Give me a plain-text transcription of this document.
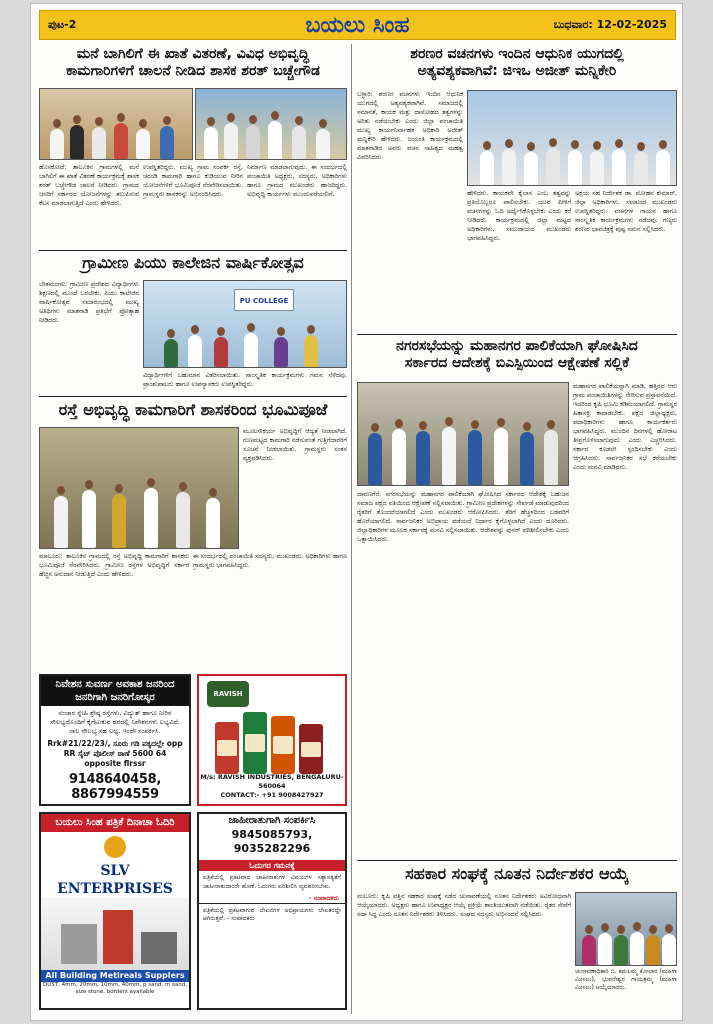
ಪುಟ-2	ಬಯಲು ಸಿಂಹ	ಬುಧವಾರ: 12-02-2025
ಮನೆ ಬಾಗಿಲಿಗೆ ಈ ಖಾತೆ ವಿತರಣೆ, ವಿವಿಧ ಅಭಿವೃದ್ಧಿ
ಕಾಮಗಾರಿಗಳಿಗೆ ಚಾಲನೆ ನೀಡಿದ ಶಾಸಕ ಶರತ್ ಬಚ್ಚೇಗೌಡ
ಹೊಸಕೋಟೆ: ತಾಲೂಕಿನ ಗ್ರಾಮಗಳಲ್ಲಿ ಮನೆ ಬಾಗಿಲಿಗೆ ಈ ಖಾತೆ ವಿತರಣೆ ಕಾರ್ಯಕ್ರಮಕ್ಕೆ ಶಾಸಕ ಶರತ್ ಬಚ್ಚೇಗೌಡ ಚಾಲನೆ ನೀಡಿದರು. ಗ್ರಾಮದ ಜನರಿಗೆ ಸರ್ಕಾರದ ಯೋಜನೆಗಳನ್ನು ತಲುಪಿಸುವ ಕೆಲಸ ಮಾಡಲಾಗುತ್ತಿದೆ ಎಂದು ಹೇಳಿದರು.
ಉಪಸ್ಥಿತರಿದ್ದರು. ಮುಖ್ಯ ಗ್ರಾಮ ಸಂಪರ್ಕ ರಸ್ತೆ, ಚರಂಡಿ ಕಾಮಗಾರಿ ಹಾಗೂ ಕುಡಿಯುವ ನೀರಿನ ಯೋಜನೆಗಳಿಗೆ ಭೂಮಿಪೂಜೆ ನೆರವೇರಿಸಲಾಯಿತು. ಗ್ರಾಮಸ್ಥರು ಶಾಸಕರನ್ನು ಅಭಿನಂದಿಸಿದರು.
ನಿರ್ಮಾಣ ಮಾಡಲಾಗುವುದು. ಈ ಸಂದರ್ಭದಲ್ಲಿ ಪಂಚಾಯಿತಿ ಅಧ್ಯಕ್ಷರು, ಸದಸ್ಯರು, ಅಧಿಕಾರಿಗಳು ಹಾಗೂ ಗ್ರಾಮದ ಮುಖಂಡರು ಹಾಜರಿದ್ದರು. ಅಭಿವೃದ್ಧಿ ಕಾರ್ಯಗಳು ಮುಂದುವರೆಯಲಿವೆ.
ಗ್ರಾಮೀಣ ಪಿಯು ಕಾಲೇಜಿನ ವಾರ್ಷಿಕೋತ್ಸವ
ಬೇತಮಂಗಲ: ಗ್ರಾಮೀಣ ಪ್ರದೇಶದ ವಿದ್ಯಾರ್ಥಿಗಳು ಶಿಕ್ಷಣದಲ್ಲಿ ಮುಂದೆ ಬರಬೇಕು. ಪಿಯು ಕಾಲೇಜಿನ ವಾರ್ಷಿಕೋತ್ಸವ ಸಮಾರಂಭದಲ್ಲಿ ಮುಖ್ಯ ಅತಿಥಿಗಳು ಮಾತನಾಡಿ ಪ್ರತಿಭೆಗೆ ಪ್ರೋತ್ಸಾಹ ನೀಡಿದರು.
PU COLLEGE
ವಿದ್ಯಾರ್ಥಿಗಳಿಗೆ ಬಹುಮಾನ ವಿತರಿಸಲಾಯಿತು. ಸಾಂಸ್ಕೃತಿಕ ಕಾರ್ಯಕ್ರಮಗಳು ಗಮನ ಸೆಳೆದವು. ಪ್ರಾಂಶುಪಾಲರು ಹಾಗೂ ಉಪನ್ಯಾಸಕರು ಉಪಸ್ಥಿತರಿದ್ದರು.
ರಸ್ತೆ ಅಭಿವೃದ್ಧಿ ಕಾಮಗಾರಿಗೆ ಶಾಸಕರಿಂದ ಭೂಮಿಪೂಜೆ
ಮೂಲಸೌಕರ್ಯ ಅಭಿವೃದ್ಧಿಗೆ ಆದ್ಯತೆ ನೀಡಲಾಗಿದೆ. ಗುಣಮಟ್ಟದ ಕಾಮಗಾರಿ ನಡೆಸುವಂತೆ ಗುತ್ತಿಗೆದಾರರಿಗೆ ಸೂಚನೆ ನೀಡಲಾಯಿತು. ಗ್ರಾಮಸ್ಥರು ಸಂತಸ ವ್ಯಕ್ತಪಡಿಸಿದರು.
ಮಾಲೂರು: ತಾಲೂಕಿನ ಗ್ರಾಮದಲ್ಲಿ ರಸ್ತೆ ಅಭಿವೃದ್ಧಿ ಕಾಮಗಾರಿಗೆ ಶಾಸಕರು ಭೂಮಿಪೂಜೆ ನೆರವೇರಿಸಿದರು. ಗ್ರಾಮೀಣ ರಸ್ತೆಗಳ ಅಭಿವೃದ್ಧಿಗೆ ಸರ್ಕಾರ ಹೆಚ್ಚಿನ ಅನುದಾನ ನೀಡುತ್ತಿದೆ ಎಂದು ಹೇಳಿದರು.
ಈ ಸಂದರ್ಭದಲ್ಲಿ ಪಂಚಾಯಿತಿ ಸದಸ್ಯರು, ಮುಖಂಡರು, ಅಧಿಕಾರಿಗಳು ಹಾಗೂ ಗ್ರಾಮಸ್ಥರು ಭಾಗವಹಿಸಿದ್ದರು.
ನಿವೇಶನ ಸುವರ್ಣ ಅವಕಾಶ ಜನರಿಂದ ಜನರಿಗಾಗಿ ಜನರಿಗೋಸ್ಕರ
ಸಂಚಾರ ಸ್ನೇಹಿ ಶ್ರೇಷ್ಠ ರಸ್ತೆಗಳು, ವಿದ್ಯುತ್ ಹಾಗೂ ನೀರಿನ ಸೌಲಭ್ಯದೊಂದಿಗೆ ಕೈಗೆಟುಕುವ ದರದಲ್ಲಿ ನಿವೇಶನಗಳು ಲಭ್ಯವಿದೆ. ಸಾಲ ಸೌಲಭ್ಯ ಸಹ ಲಭ್ಯ. ಇಂದೇ ಸಂಪರ್ಕಿಸಿ.
Rrk#21/22/23/, ಸೂರು ಗಡಿ ಪಕ್ಕದಲ್ಲೇ opp RR ಸೈಟ್ ಪೊಲೀಸ್ ಠಾಣೆ 5600 64 opposite flrssr
9148640458, 8867994559
RAVISH
M/s: RAVISH INDUSTRIES, BENGALURU-560064
CONTACT:- +91 9008427927
ಬಯಲು ಸಿಂಹ ಪತ್ರಿಕೆ ದಿನಾಚಾ ಓದಿರಿ
SLV ENTERPRISES
All Building Metireals Supplers
DUST, 4mm, 20mm, 10mm, 40mm, p sand, m sand, size stone, borders available
ಜಾಹೀರಾತುಗಾಗಿ ಸಂಪರ್ಕಿಸಿ
9845085793, 9035282296
ಓದುಗರ ಗಮನಕ್ಕೆ
ಪತ್ರಿಕೆಯಲ್ಲಿ ಪ್ರಕಟವಾದ ಜಾಹೀರಾತುಗಳ ವಿಷಯಗಳ ಸತ್ಯಾಸತ್ಯತೆಗೆ ಜಾಹೀರಾತುದಾರರೇ ಹೊಣೆ. ಓದುಗರು ಪರಿಶೀಲಿಸಿ ವ್ಯವಹರಿಸಬೇಕು.
- ಸಂಪಾದಕರು
ಪತ್ರಿಕೆಯಲ್ಲಿ ಪ್ರಕಟವಾಗುವ ಲೇಖನಗಳ ಅಭಿಪ್ರಾಯಗಳು ಲೇಖಕರದ್ದೇ ಆಗಿರುತ್ತವೆ. - ಸಂಪಾದಕರು
ಶರಣರ ವಚನಗಳು ಇಂದಿನ ಆಧುನಿಕ ಯುಗದಲ್ಲಿ
ಅತ್ಯವಶ್ಯಕವಾಗಿವೆ: ಜಿಇಒ ಅಜೀತ್ ಮನ್ನಿಕೇರಿ
ಬಳ್ಳಾರಿ: ಶರಣರ ವಚನಗಳು ಇಂದಿನ ಆಧುನಿಕ ಯುಗದಲ್ಲಿ ಅತ್ಯವಶ್ಯಕವಾಗಿವೆ. ಸಮಾಜದಲ್ಲಿ ಸಮಾನತೆ, ಕಾಯಕ ಮತ್ತು ದಾಸೋಹದ ತತ್ವಗಳನ್ನು ಅರಿತು ನಡೆಯಬೇಕು ಎಂದು ಜಿಲ್ಲಾ ಪಂಚಾಯಿತಿ ಮುಖ್ಯ ಕಾರ್ಯನಿರ್ವಾಹಕ ಅಧಿಕಾರಿ ಅಜೀತ್ ಮನ್ನಿಕೇರಿ ಹೇಳಿದರು. ಜಯಂತಿ ಕಾರ್ಯಕ್ರಮದಲ್ಲಿ ಮಾತನಾಡಿದ ಅವರು ವಚನ ಸಾಹಿತ್ಯದ ಮಹತ್ವ ವಿವರಿಸಿದರು.
ಹೇಳಿದರು. ಕಾಯಕವೇ ಕೈಲಾಸ ಎಂಬ ತತ್ವವನ್ನು ಪ್ರತಿಯೊಬ್ಬರೂ ಪಾಲಿಸಬೇಕು. ಯುವ ಪೀಳಿಗೆ ವಚನಗಳನ್ನು ಓದಿ ಅರ್ಥೈಸಿಕೊಳ್ಳಬೇಕು ಎಂದು ಕರೆ ನೀಡಿದರು. ಕಾರ್ಯಕ್ರಮದಲ್ಲಿ ಜಿಲ್ಲಾ ಮಟ್ಟದ ಅಧಿಕಾರಿಗಳು, ಸಮುದಾಯದ ಮುಖಂಡರು ಭಾಗವಹಿಸಿದ್ದರು.
ಅಕ್ಷಯ ಸಹ ನಿರ್ದೇಶಕ ಡಾ. ಮೋಹನ ಕುಮಾರ್, ಜಿಲ್ಲಾ ಅಧಿಕಾರಿಗಳು, ಸಮಾಜದ ಮುಖಂಡರು ಉಪಸ್ಥಿತರಿದ್ದರು. ವಚನಗಳ ಗಾಯನ ಹಾಗೂ ಸಾಂಸ್ಕೃತಿಕ ಕಾರ್ಯಕ್ರಮಗಳು ನಡೆದವು. ಗಣ್ಯರು ಶರಣರ ಭಾವಚಿತ್ರಕ್ಕೆ ಪುಷ್ಪ ನಮನ ಸಲ್ಲಿಸಿದರು.
ನಗರಸಭೆಯನ್ನು ಮಹಾನಗರ ಪಾಲಿಕೆಯಾಗಿ ಘೋಷಿಸಿದ
ಸರ್ಕಾರದ ಆದೇಶಕ್ಕೆ ಬಿಎಸ್ಪಿಯಿಂದ ಆಕ್ಷೇಪಣೆ ಸಲ್ಲಿಕೆ
ದಾವಣಗೆರೆ: ನಗರಸಭೆಯನ್ನು ಮಹಾನಗರ ಪಾಲಿಕೆಯಾಗಿ ಘೋಷಿಸಿದ ಸರ್ಕಾರದ ಆದೇಶಕ್ಕೆ ಬಹುಜನ ಸಮಾಜ ಪಕ್ಷದ ವತಿಯಿಂದ ಆಕ್ಷೇಪಣೆ ಸಲ್ಲಿಸಲಾಯಿತು. ಗ್ರಾಮೀಣ ಪ್ರದೇಶಗಳನ್ನು ಸೇರ್ಪಡೆ ಮಾಡುವುದರಿಂದ ರೈತರಿಗೆ ತೊಂದರೆಯಾಗಲಿದೆ ಎಂದು ಮುಖಂಡರು ಆರೋಪಿಸಿದರು. ತೆರಿಗೆ ಹೆಚ್ಚಳದಿಂದ ಬಡವರಿಗೆ ಹೊರೆಯಾಗಲಿದೆ. ಸಾರ್ವಜನಿಕರ ಅಭಿಪ್ರಾಯ ಪಡೆಯದೆ ನಿರ್ಧಾರ ಕೈಗೊಳ್ಳಲಾಗಿದೆ ಎಂದು ದೂರಿದರು. ಜಿಲ್ಲಾಧಿಕಾರಿಗಳ ಮೂಲಕ ಸರ್ಕಾರಕ್ಕೆ ಮನವಿ ಸಲ್ಲಿಸಲಾಯಿತು. ಆದೇಶವನ್ನು ಪುನರ್ ಪರಿಶೀಲಿಸಬೇಕು ಎಂದು ಒತ್ತಾಯಿಸಿದರು.
ಮಹಾನಗರ ಪಾಲಿಕೆಯನ್ನಾಗಿ ಮಾಡಿ, ಹತ್ತಿರದ ಆರು ಗ್ರಾಮ ಪಂಚಾಯಿತಿಗಳನ್ನು ಸೇರಿಸುವ ಪ್ರಸ್ತಾವನೆಯಿದೆ. ಇದರಿಂದ ಕೃಷಿ ಭೂಮಿ ಕಡಿಮೆಯಾಗಲಿದೆ. ಗ್ರಾಮಸ್ಥರ ಹಿತಾಸಕ್ತಿ ಕಾಪಾಡಬೇಕು. ಪಕ್ಷದ ಜಿಲ್ಲಾಧ್ಯಕ್ಷರು, ಪದಾಧಿಕಾರಿಗಳು ಹಾಗೂ ಕಾರ್ಯಕರ್ತರು ಭಾಗವಹಿಸಿದ್ದರು. ಮುಂದಿನ ದಿನಗಳಲ್ಲಿ ಹೋರಾಟ ತೀವ್ರಗೊಳಿಸಲಾಗುವುದು ಎಂದು ಎಚ್ಚರಿಸಿದರು. ಸರ್ಕಾರ ಕೂಡಲೇ ಸ್ಪಂದಿಸಬೇಕು ಎಂದು ಆಗ್ರಹಿಸಿದರು. ಸಾರ್ವಜನಿಕರ ಸಭೆ ಕರೆಯಬೇಕು ಎಂದು ಮನವಿ ಮಾಡಿದರು.
ಸಹಕಾರ ಸಂಘಕ್ಕೆ ನೂತನ ನಿರ್ದೇಶಕರ ಆಯ್ಕೆ
ಮಲೂರು: ಕೃಷಿ ಪತ್ತಿನ ಸಹಕಾರ ಸಂಘಕ್ಕೆ ನಡೆದ ಚುನಾವಣೆಯಲ್ಲಿ ನೂತನ ನಿರ್ದೇಶಕರು ಅವಿರೋಧವಾಗಿ ಆಯ್ಕೆಯಾದರು. ಅಧ್ಯಕ್ಷರು ಹಾಗೂ ಉಪಾಧ್ಯಕ್ಷರ ಆಯ್ಕೆ ಪ್ರಕ್ರಿಯೆ ಶಾಂತಿಯುತವಾಗಿ ನಡೆಯಿತು. ರೈತರ ಸೇವೆಗೆ ಸದಾ ಸಿದ್ಧ ಎಂದು ನೂತನ ನಿರ್ದೇಶಕರು ತಿಳಿಸಿದರು. ಸಂಘದ ಸದಸ್ಯರು ಅಭಿನಂದನೆ ಸಲ್ಲಿಸಿದರು.
ಚುನಾವಣಾಧಿಕಾರಿ ಬಿ. ಕಮಲಮ್ಮ ಕೋಲಾರ (ಮಹಿಳಾ ಮೀಸಲು), ಭುವನೇಶ್ವರ ಗಾಯತ್ರಮ್ಮ (ಮಹಿಳಾ ಮೀಸಲು) ಆಯ್ಕೆಯಾದರು.
